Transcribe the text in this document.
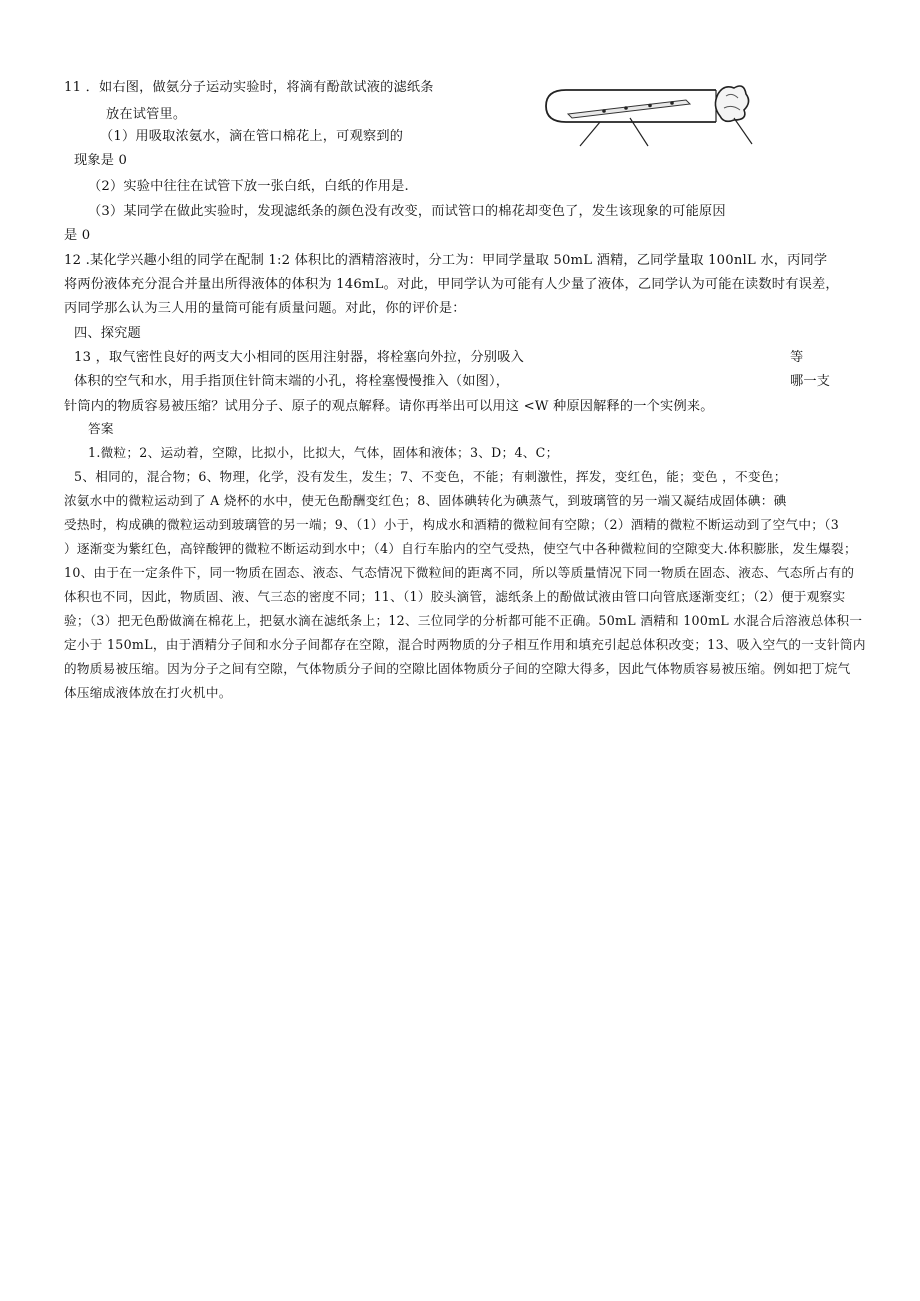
11 ．如右图，做氨分子运动实验时，将滴有酚歆试液的滤纸条
放在试管里。
（1）用吸取浓氨水，滴在管口棉花上，可观察到的
现象是 0
（2）实验中往往在试管下放一张白纸，白纸的作用是.
（3）某同学在做此实验时，发现滤纸条的颜色没有改变，而试管口的棉花却变色了，发生该现象的可能原因
是 0
12 .某化学兴趣小组的同学在配制 1:2 体积比的酒精溶液时，分工为：甲同学量取 50mL 酒精，乙同学量取 100nlL 水，丙同学
将两份液体充分混合并量出所得液体的体积为 146mL。对此，甲同学认为可能有人少量了液体，乙同学认为可能在读数时有误差，
丙同学那么认为三人用的量筒可能有质量问题。对此，你的评价是：
四、探究题
13 ，取气密性良好的两支大小相同的医用注射器，将栓塞向外拉，分别吸入	等
体积的空气和水，用手指顶住针筒末端的小孔，将栓塞慢慢推入（如图），	哪一支
针筒内的物质容易被压缩？试用分子、原子的观点解释。请你再举出可以用这 <W 种原因解释的一个实例来。
答案
1.微粒；2、运动着，空隙，比拟小，比拟大，气体，固体和液体；3、D；4、C；
5、相同的，混合物；6、物理，化学，没有发生，发生；7、不变色，不能；有刺激性，挥发，变红色，能；变色 ，不变色；
浓氨水中的微粒运动到了 A 烧杯的水中，使无色酚酬变红色；8、固体碘转化为碘蒸气，到玻璃管的另一端又凝结成固体碘：碘
受热时，构成碘的微粒运动到玻璃管的另一端；9、（1）小于，构成水和酒精的微粒间有空隙；（2）酒精的微粒不断运动到了空气中；（3
）逐渐变为紫红色，高锌酸钾的微粒不断运动到水中；（4）自行车胎内的空气受热，使空气中各种微粒间的空隙变大.体积膨胀，发生爆裂；
10、由于在一定条件下，同一物质在固态、液态、气态情况下微粒间的距离不同，所以等质量情况下同一物质在固态、液态、气态所占有的
体积也不同，因此，物质固、液、气三态的密度不同；11、（1）胶头滴管，滤纸条上的酚做试液由管口向管底逐渐变红；（2）便于观察实
验；（3）把无色酚做滴在棉花上，把氨水滴在滤纸条上；12、三位同学的分析都可能不正确。50mL 酒精和 100mL 水混合后溶液总体积一
定小于 150mL，由于酒精分子间和水分子间都存在空隙，混合时两物质的分子相互作用和填充引起总体积改变；13、吸入空气的一支针筒内
的物质易被压缩。因为分子之间有空隙，气体物质分子间的空隙比固体物质分子间的空隙大得多，因此气体物质容易被压缩。例如把丁烷气
体压缩成液体放在打火机中。
